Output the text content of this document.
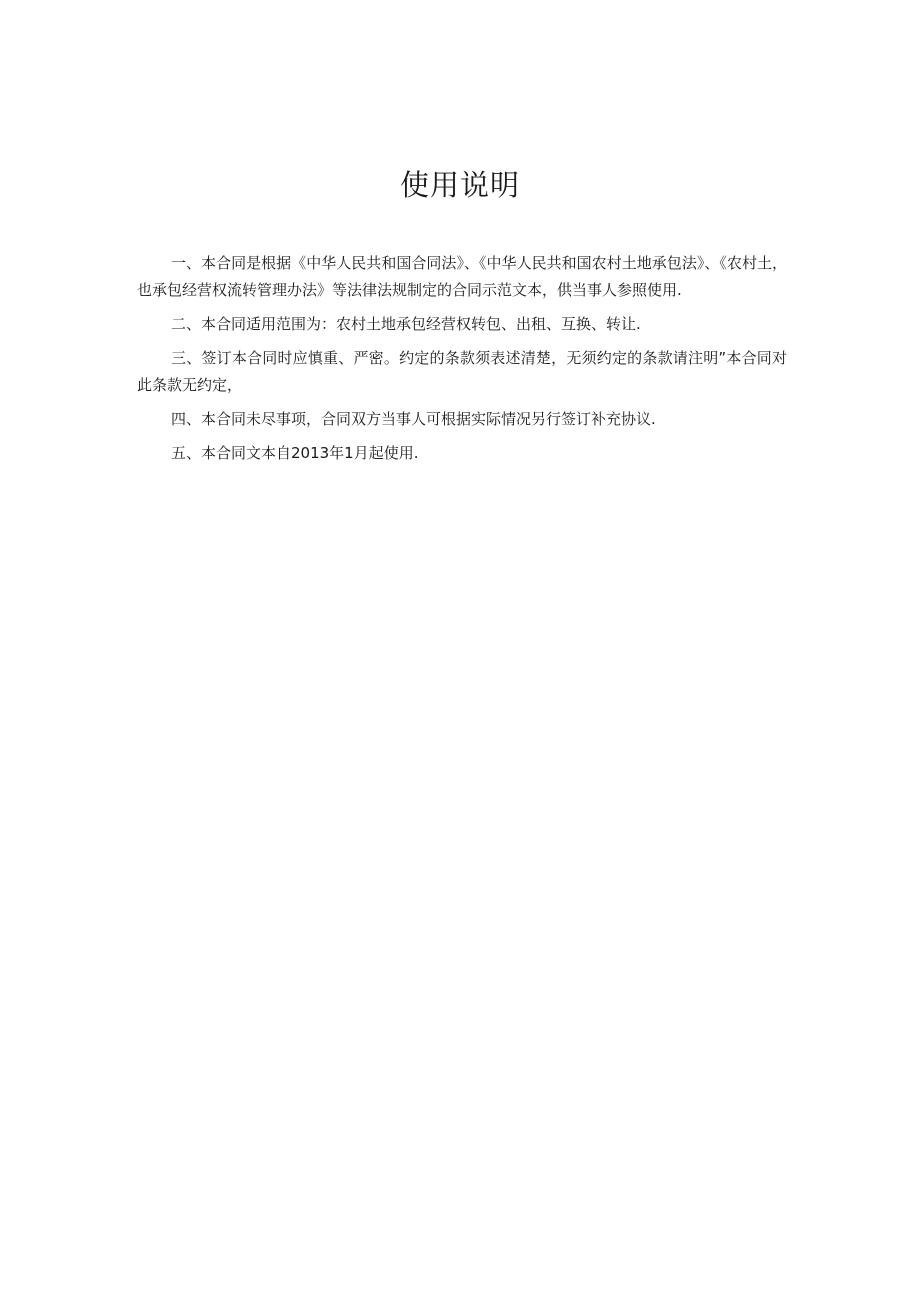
使用说明

一、本合同是根据《中华人民共和国合同法》、《中华人民共和国农村土地承包法》、《农村土，也承包经营权流转管理办法》等法律法规制定的合同示范文本，供当事人参照使用.

二、本合同适用范围为：农村土地承包经营权转包、出租、互换、转让.

三、签订本合同时应慎重、严密。约定的条款须表述清楚，无须约定的条款请注明”本合同对此条款无约定，

四、本合同未尽事项，合同双方当事人可根据实际情况另行签订补充协议.

五、本合同文本自2013年1月起使用.
